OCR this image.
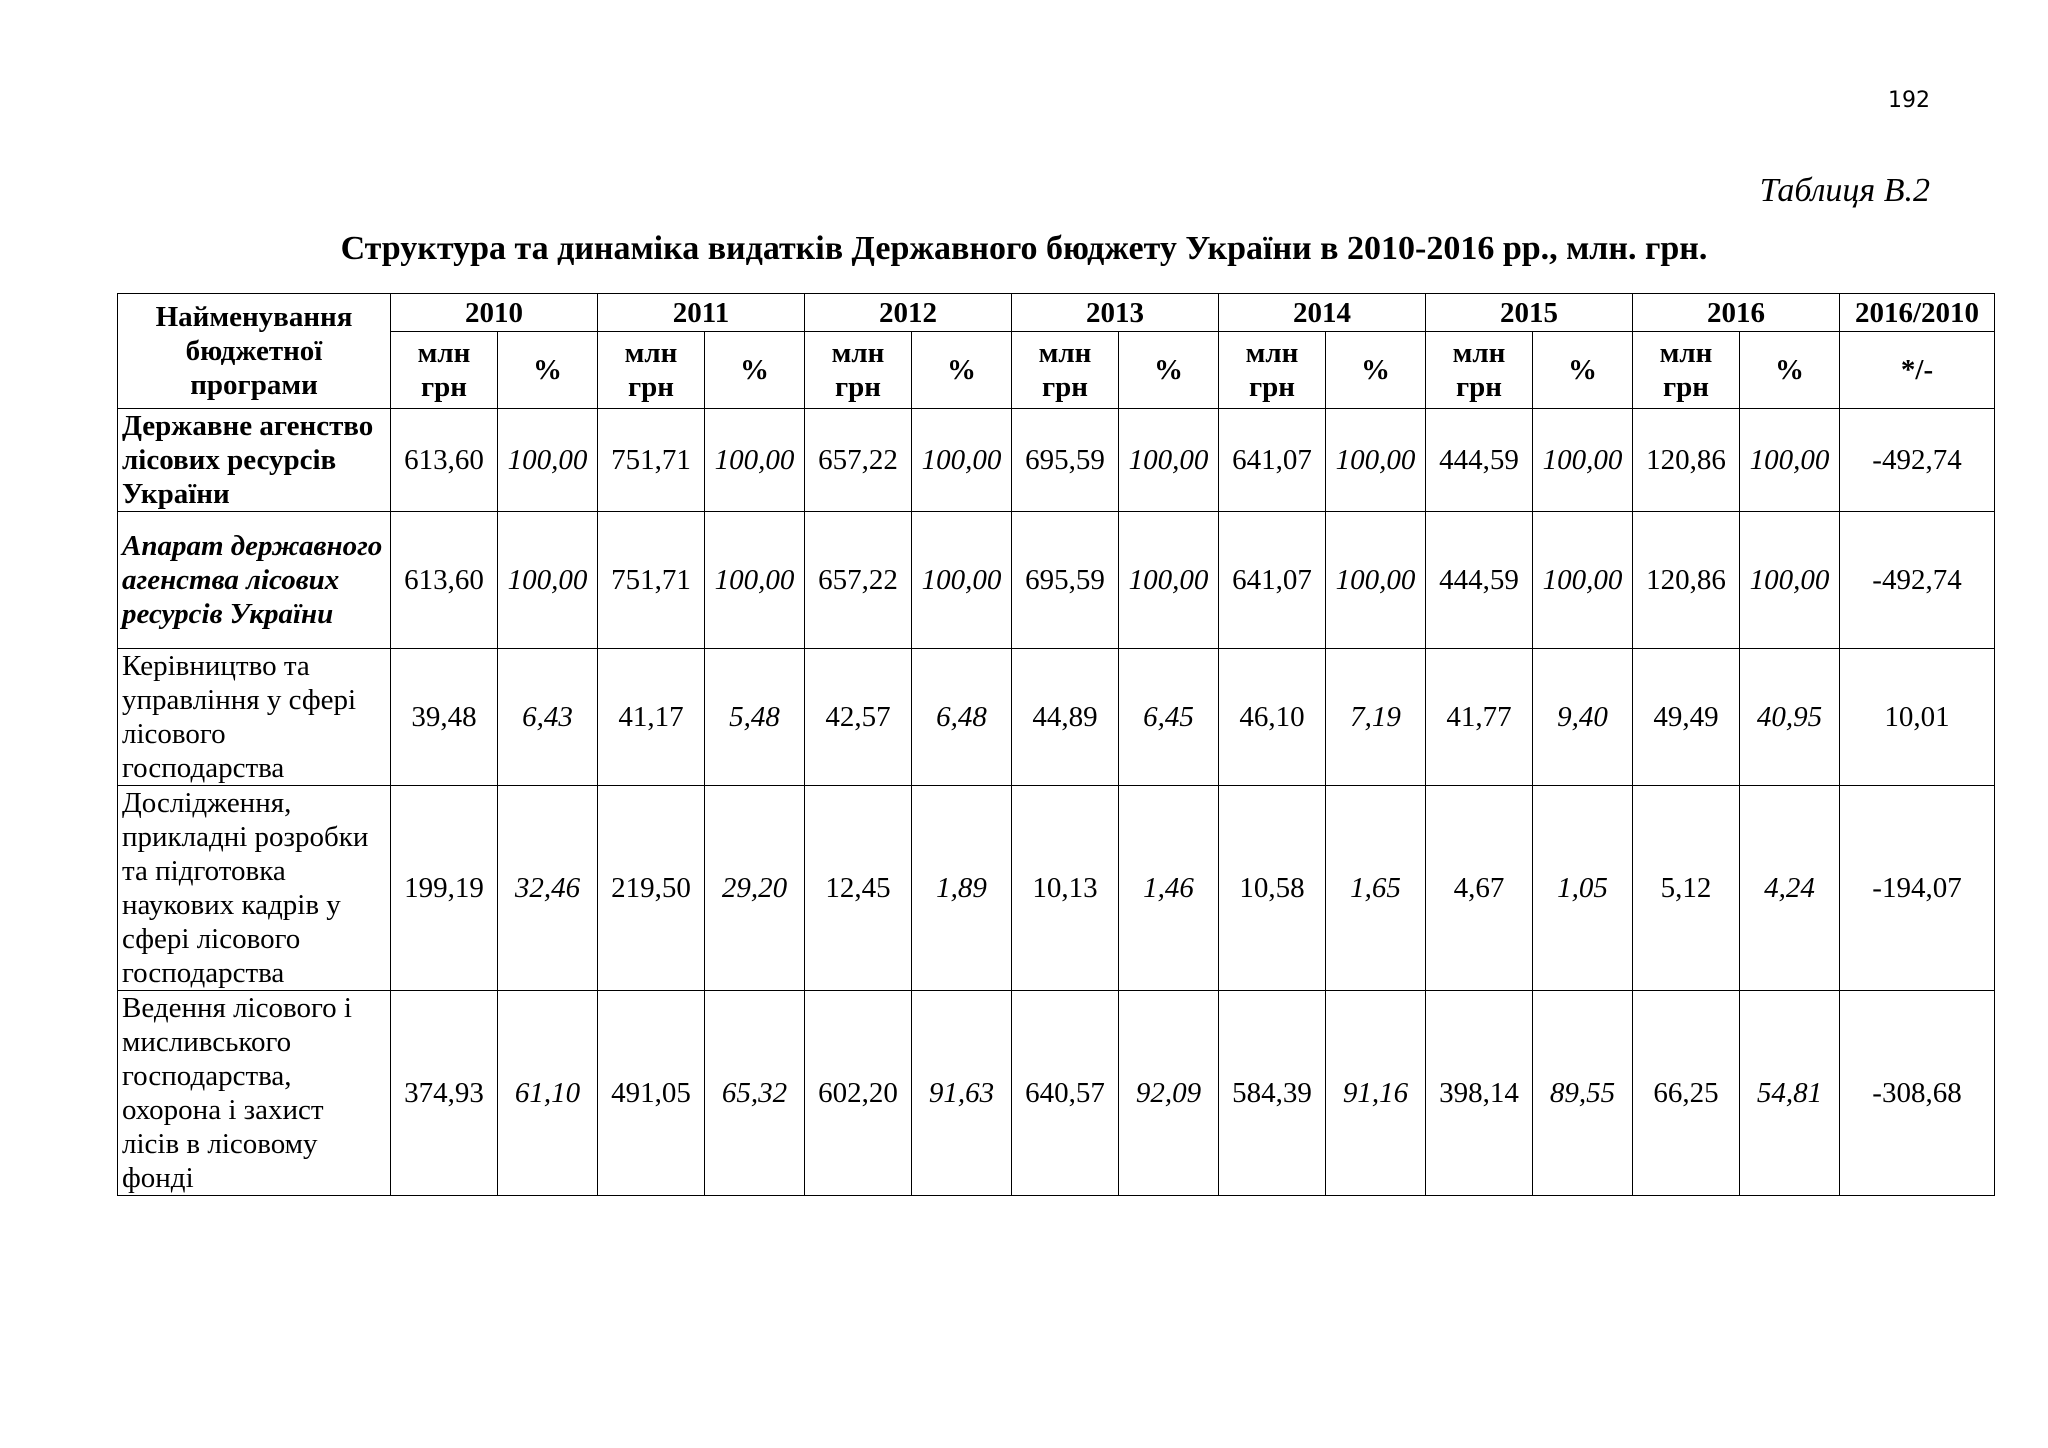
192
Таблиця В.2
Структура та динаміка видатків Державного бюджету України в 2010-2016 рр., млн. грн.
Найменування бюджетної програми	2010		2011		2012		2013		2014		2015		2016		2016/2010
	млн грн	%	млн грн	%	млн грн	%	млн грн	%	млн грн	%	млн грн	%	млн грн	%	*/-
Державне агенство лісових ресурсів України	613,60	100,00	751,71	100,00	657,22	100,00	695,59	100,00	641,07	100,00	444,59	100,00	120,86	100,00	-492,74
Апарат державного агенства лісових ресурсів України	613,60	100,00	751,71	100,00	657,22	100,00	695,59	100,00	641,07	100,00	444,59	100,00	120,86	100,00	-492,74
Керівництво та управління у сфері лісового господарства	39,48	6,43	41,17	5,48	42,57	6,48	44,89	6,45	46,10	7,19	41,77	9,40	49,49	40,95	10,01
Дослідження, прикладні розробки та підготовка наукових кадрів у сфері лісового господарства	199,19	32,46	219,50	29,20	12,45	1,89	10,13	1,46	10,58	1,65	4,67	1,05	5,12	4,24	-194,07
Ведення лісового і мисливського господарства, охорона і захист лісів в лісовому фонді	374,93	61,10	491,05	65,32	602,20	91,63	640,57	92,09	584,39	91,16	398,14	89,55	66,25	54,81	-308,68
